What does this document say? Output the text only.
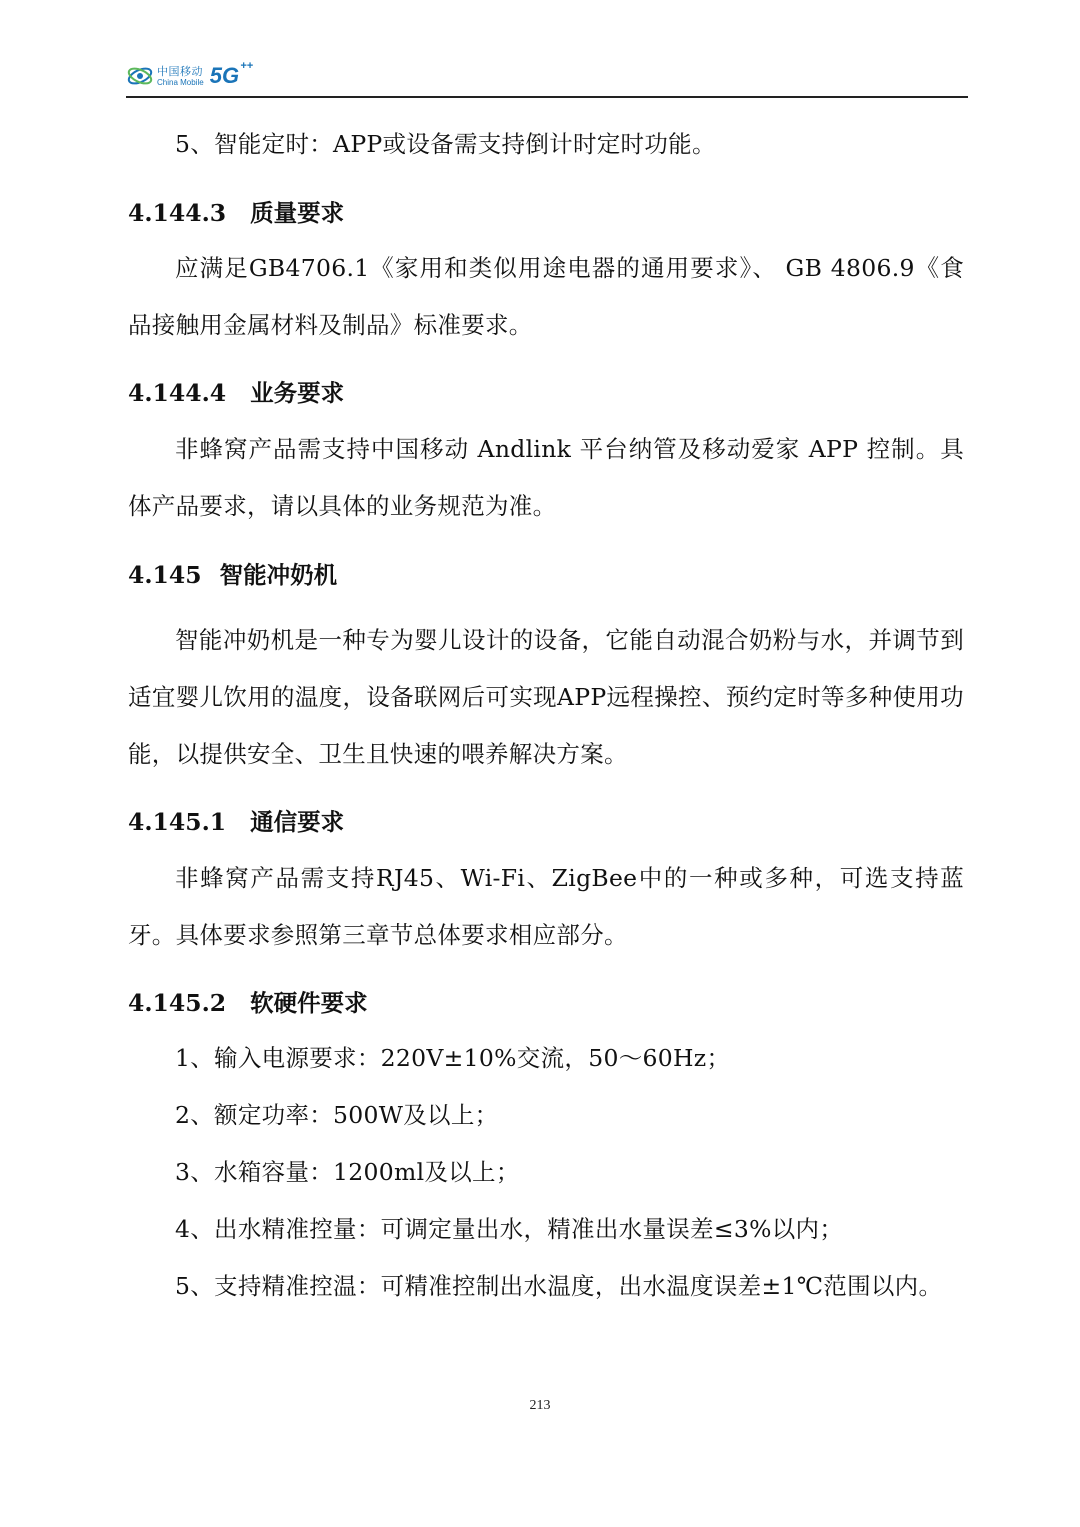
中国移动
China Mobile 5G ++

5、智能定时：APP或设备需支持倒计时定时功能。

4.144.3 质量要求

应满足GB4706.1《家用和类似用途电器的通用要求》、 GB 4806.9《食品接触用金属材料及制品》标准要求。

4.144.4 业务要求

非蜂窝产品需支持中国移动 Andlink 平台纳管及移动爱家 APP 控制。具体产品要求，请以具体的业务规范为准。

4.145 智能冲奶机

智能冲奶机是一种专为婴儿设计的设备，它能自动混合奶粉与水，并调节到适宜婴儿饮用的温度，设备联网后可实现APP远程操控、预约定时等多种使用功能，以提供安全、卫生且快速的喂养解决方案。

4.145.1 通信要求

非蜂窝产品需支持RJ45、Wi-Fi、ZigBee中的一种或多种，可选支持蓝牙。具体要求参照第三章节总体要求相应部分。

4.145.2 软硬件要求

1、输入电源要求：220V±10%交流，50～60Hz；

2、额定功率：500W及以上；

3、水箱容量：1200ml及以上；

4、出水精准控量：可调定量出水，精准出水量误差≤3%以内；

5、支持精准控温：可精准控制出水温度，出水温度误差±1℃范围以内。

213
